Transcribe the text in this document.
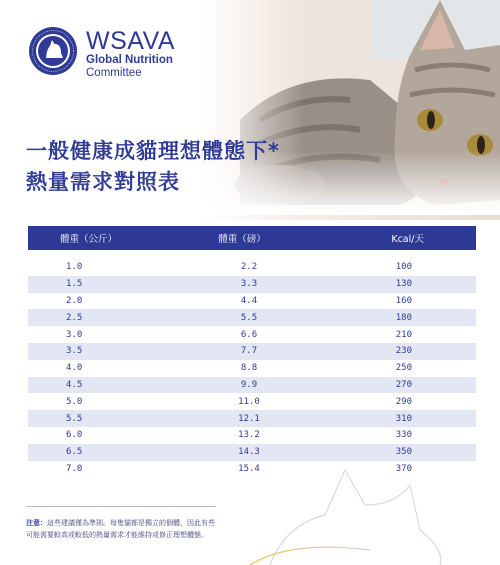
WSAVA
Global Nutrition
Committee
一般健康成貓理想體態下*
熱量需求對照表
體重（公斤）	體重（磅）	Kcal/天
1.0	2.2	100
1.5	3.3	130
2.0	4.4	160
2.5	5.5	180
3.0	6.6	210
3.5	7.7	230
4.0	8.8	250
4.5	9.9	270
5.0	11.0	290
5.5	12.1	310
6.0	13.2	330
6.5	14.3	350
7.0	15.4	370
注意：這些建議僅為準則。每隻貓都是獨立的個體，因此有些可能需要較高或較低的熱量需求才能維持或修正理想體態。
